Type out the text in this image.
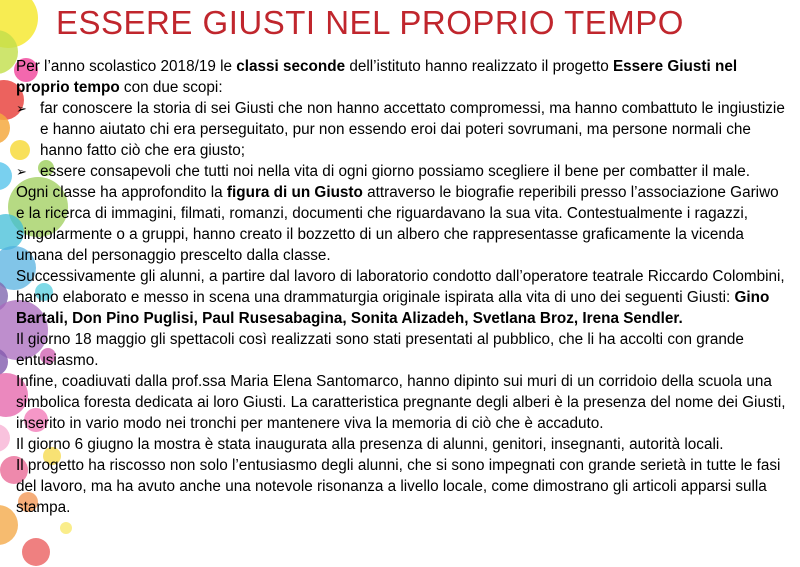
ESSERE GIUSTI NEL PROPRIO TEMPO

Per l’anno scolastico 2018/19 le classi seconde dell’istituto hanno realizzato il progetto Essere Giusti nel proprio tempo con due scopi:

➢ far conoscere la storia di sei Giusti che non hanno accettato compromessi, ma hanno combattuto le ingiustizie e hanno aiutato chi era perseguitato, pur non essendo eroi dai poteri sovrumani, ma persone normali che hanno fatto ciò che era giusto;
➢ essere consapevoli che tutti noi nella vita di ogni giorno possiamo scegliere il bene per combatter il male.

Ogni classe ha approfondito la figura di un Giusto attraverso le biografie reperibili presso l’associazione Gariwo e la ricerca di immagini, filmati, romanzi, documenti che riguardavano la sua vita. Contestualmente i ragazzi, singolarmente o a gruppi, hanno creato il bozzetto di un albero che rappresentasse graficamente la vicenda umana del personaggio prescelto dalla classe.

Successivamente gli alunni, a partire dal lavoro di laboratorio condotto dall’operatore teatrale Riccardo Colombini, hanno elaborato e messo in scena una drammaturgia originale ispirata alla vita di uno dei seguenti Giusti: Gino Bartali, Don Pino Puglisi, Paul Rusesabagina, Sonita Alizadeh, Svetlana Broz, Irena Sendler.

Il giorno 18 maggio gli spettacoli così realizzati sono stati presentati al pubblico, che li ha accolti con grande entusiasmo.

Infine, coadiuvati dalla prof.ssa Maria Elena Santomarco, hanno dipinto sui muri di un corridoio della scuola una simbolica foresta dedicata ai loro Giusti. La caratteristica pregnante degli alberi è la presenza del nome dei Giusti, inserito in vario modo nei tronchi per mantenere viva la memoria di ciò che è accaduto.

Il giorno 6 giugno la mostra è stata inaugurata alla presenza di alunni, genitori, insegnanti, autorità locali.

Il progetto ha riscosso non solo l’entusiasmo degli alunni, che si sono impegnati con grande serietà in tutte le fasi del lavoro, ma ha avuto anche una notevole risonanza a livello locale, come dimostrano gli articoli apparsi sulla stampa.
